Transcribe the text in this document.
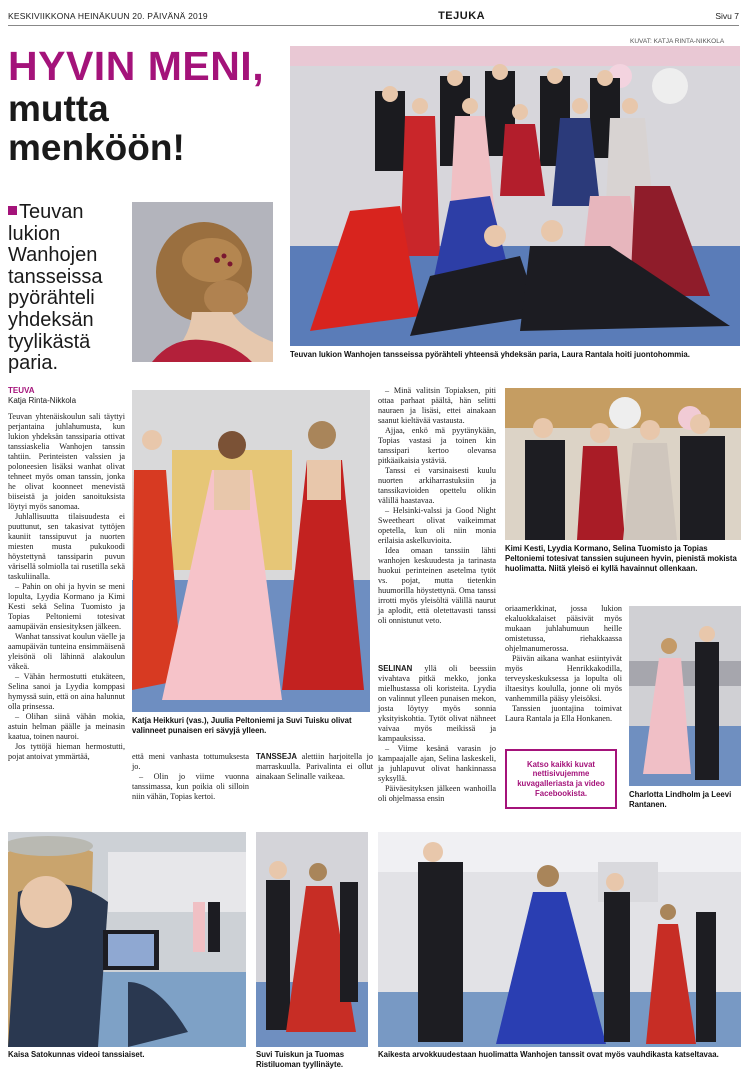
KESKIVIIKKONA HEINÄKUUN 20. PÄIVÄNÄ 2019	TEJUKA	Sivu 7
HYVIN MENI,
mutta menköön!
Teuvan lukion Wanhojen tansseissa pyörähteli yhdeksän tyylikästä paria.
KUVAT: KATJA RINTA-NIKKOLA
Teuvan lukion Wanhojen tansseissa pyörähteli yhteensä yhdeksän paria, Laura Rantala hoiti juontohommia.
TEUVA
Katja Rinta-Nikkola

Teuvan yhtenäiskoulun sali täyttyi perjantaina juhlahumusta, kun lukion yhdeksän tanssiparia ottivat tanssiaskelia Wanhojen tanssin tahtiin. Perinteisten valssien ja poloneesien lisäksi wanhat olivat tehneet myös oman tanssin, jonka he olivat koonneet menevistä biiseistä ja joiden sanoituksista löytyi myös sanomaa.

Juhlallisuutta tilaisuudesta ei puuttunut, sen takasivat tyttöjen kauniit tanssipuvut ja nuorten miesten musta pukukoodi höystettynä tanssiparin puvun värisellä solmiolla tai rusetilla sekä taskuliinalla.

– Pahin on ohi ja hyvin se meni lopulta, Lyydia Kormano ja Kimi Kesti sekä Selina Tuomisto ja Topias Peltoniemi totesivat aamupäivän ensiesityksen jälkeen.

Wanhat tanssivat koulun väelle ja aamupäivän tunteina ensimmäisenä yleisönä oli lähinnä alakoulun väkeä.

– Vähän hermostutti etukäteen, Selina sanoi ja Lyydia komppasi hymyssä suin, että on aina halunnut olla prinsessa.

– Olihan siinä vähän mokia, astuin helman päälle ja meinasin kaatua, toinen nauroi.

Jos tyttöjä hieman hermostutti, pojat antoivat ymmärtää,

Katja Heikkuri (vas.), Juulia Peltoniemi ja Suvi Tuisku olivat valinneet punaisen eri sävyjä ylleen.

että meni vanhasta tottumuksesta jo.

– Olin jo viime vuonna tanssimassa, kun poikia oli silloin niin vähän, Topias kertoi.

TANSSEJA alettiin harjoitella jo marraskuulla. Parivalinta ei ollut ainakaan Selinalle vaikeaa.

– Minä valitsin Topiaksen, piti ottaa parhaat päältä, hän selitti nauraen ja lisäsi, ettei ainakaan saanut kieltävää vastausta.

Ajjaa, enkö mä pyytänykään, Topias vastasi ja toinen kin tanssipari kertoo olevansa pitkäaikaisia ystäviä.

Tanssi ei varsinaisesti kuulu nuorten arkiharrastuksiin ja tanssikavioiden opettelu olikin välillä haastavaa.

– Helsinki-valssi ja Good Night Sweetheart olivat vaikeimmat opetella, kun oli niin monia erilaisia askelkuvioita.

Idea omaan tanssiin lähti wanhojen keskuudesta ja tarinasta huokui perinteinen asetelma tytöt vs. pojat, mutta tietenkin huumorilla höystettynä. Oma tanssi irrotti myös yleisöltä välillä naurut ja aplodit, että oletettavasti tanssi oli onnistunut veto.

SELINAN yllä oli beessiin vivahtava pitkä mekko, jonka mielhustassa oli koristeita. Lyydia on valinnut ylleen punaisen mekon, josta löytyy myös sonnia yksityiskohtia. Tytöt olivat nähneet vaivaa myös meikissä ja kampauksissa.

– Viime kesänä varasin jo kampaajalle ajan, Selina laskeskeli, ja juhlapuvut olivat hankinnassa syksyllä.

Päiväesityksen jälkeen wanhoilla oli ohjelmassa ensin

Kimi Kesti, Lyydia Kormano, Selina Tuomisto ja Topias Peltoniemi totesivat tanssien sujuneen hyvin, pienistä mokista huolimatta. Niitä yleisö ei kyllä havainnut ollenkaan.

oriaamerkkinat, jossa lukion ekaluokkalaiset pääsivät myös mukaan juhlahumuun heille omistetussa, riehakkaassa ohjelmanumerossa.

Päivän aikana wanhat esiintyivät myös Henrikkakodilla, terveyskeskuksessa ja lopulta oli iltaesitys koululla, jonne oli myös vanhemmilla pääsy yleisöksi.

Tanssien juontajina toimivat Laura Rantala ja Ella Honkanen.

Charlotta Lindholm ja Leevi Rantanen.
Katso kaikki kuvat nettisivujemme kuvagalleriasta ja video Facebookista.
Kaisa Satokunnas videoi tanssiaiset.	Suvi Tuiskun ja Tuomas Ristiluoman tyyllinäyte.
Kaikesta arvokkuudestaan huolimatta Wanhojen tanssit ovat myös vauhdikasta katseltavaa.
